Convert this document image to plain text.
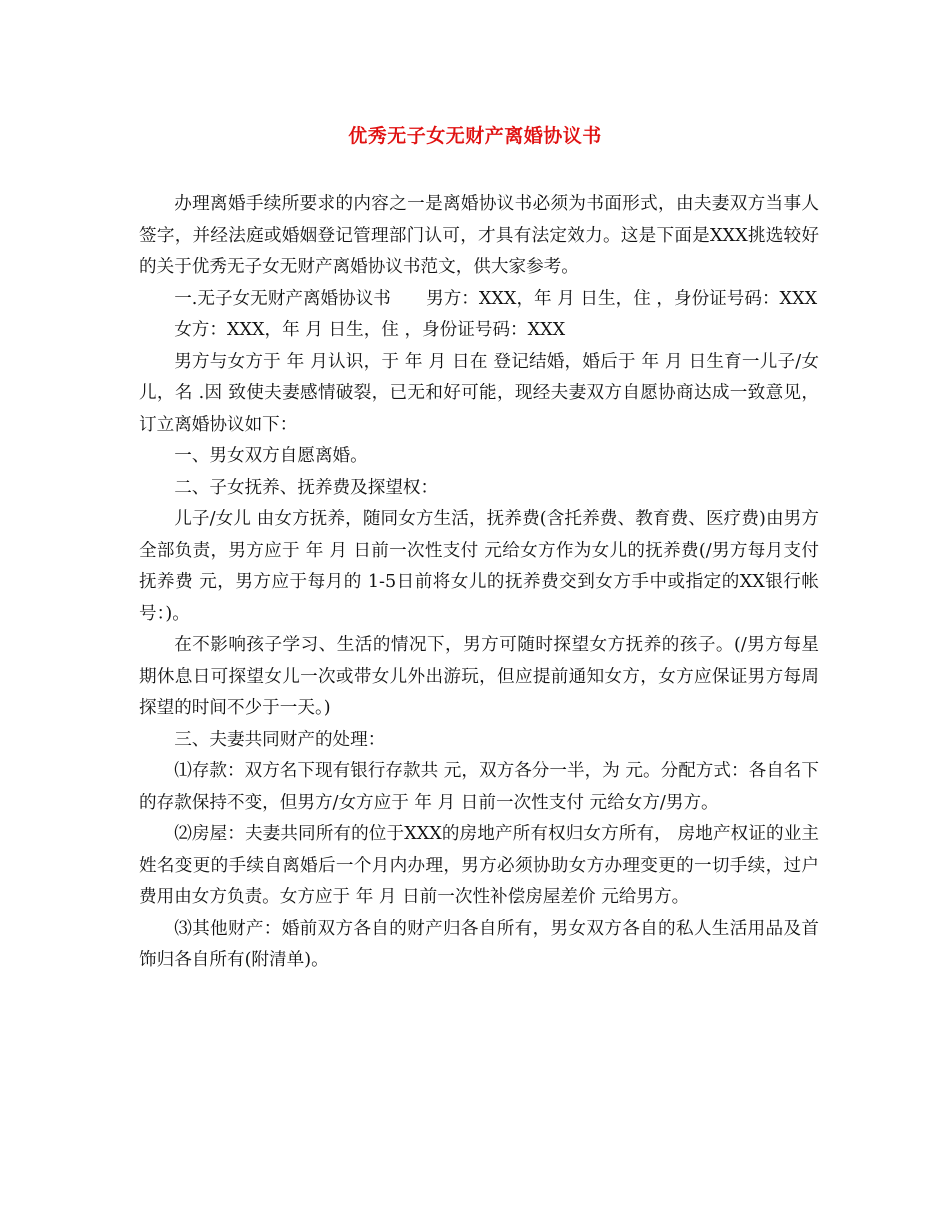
优秀无子女无财产离婚协议书

办理离婚手续所要求的内容之一是离婚协议书必须为书面形式，由夫妻双方当事人签字，并经法庭或婚姻登记管理部门认可，才具有法定效力。这是下面是XXX挑选较好的关于优秀无子女无财产离婚协议书范文，供大家参考。

一.无子女无财产离婚协议书　　男方：XXX，年 月 日生，住 ，身份证号码：XXX

女方：XXX，年 月 日生，住 ，身份证号码：XXX

男方与女方于 年 月认识，于 年 月 日在 登记结婚，婚后于 年 月 日生育一儿子/女儿，名 .因 致使夫妻感情破裂，已无和好可能，现经夫妻双方自愿协商达成一致意见，订立离婚协议如下：

一、男女双方自愿离婚。

二、子女抚养、抚养费及探望权：

儿子/女儿 由女方抚养，随同女方生活，抚养费(含托养费、教育费、医疗费)由男方全部负责，男方应于 年 月 日前一次性支付 元给女方作为女儿的抚养费(/男方每月支付抚养费 元，男方应于每月的 1-5日前将女儿的抚养费交到女方手中或指定的XX银行帐号：)。

在不影响孩子学习、生活的情况下，男方可随时探望女方抚养的孩子。(/男方每星期休息日可探望女儿一次或带女儿外出游玩，但应提前通知女方，女方应保证男方每周探望的时间不少于一天。)

三、夫妻共同财产的处理：

⑴存款：双方名下现有银行存款共 元，双方各分一半，为 元。分配方式：各自名下的存款保持不变，但男方/女方应于 年 月 日前一次性支付 元给女方/男方。

⑵房屋：夫妻共同所有的位于XXX的房地产所有权归女方所有， 房地产权证的业主姓名变更的手续自离婚后一个月内办理，男方必须协助女方办理变更的一切手续，过户费用由女方负责。女方应于 年 月 日前一次性补偿房屋差价 元给男方。

⑶其他财产：婚前双方各自的财产归各自所有，男女双方各自的私人生活用品及首饰归各自所有(附清单)。
